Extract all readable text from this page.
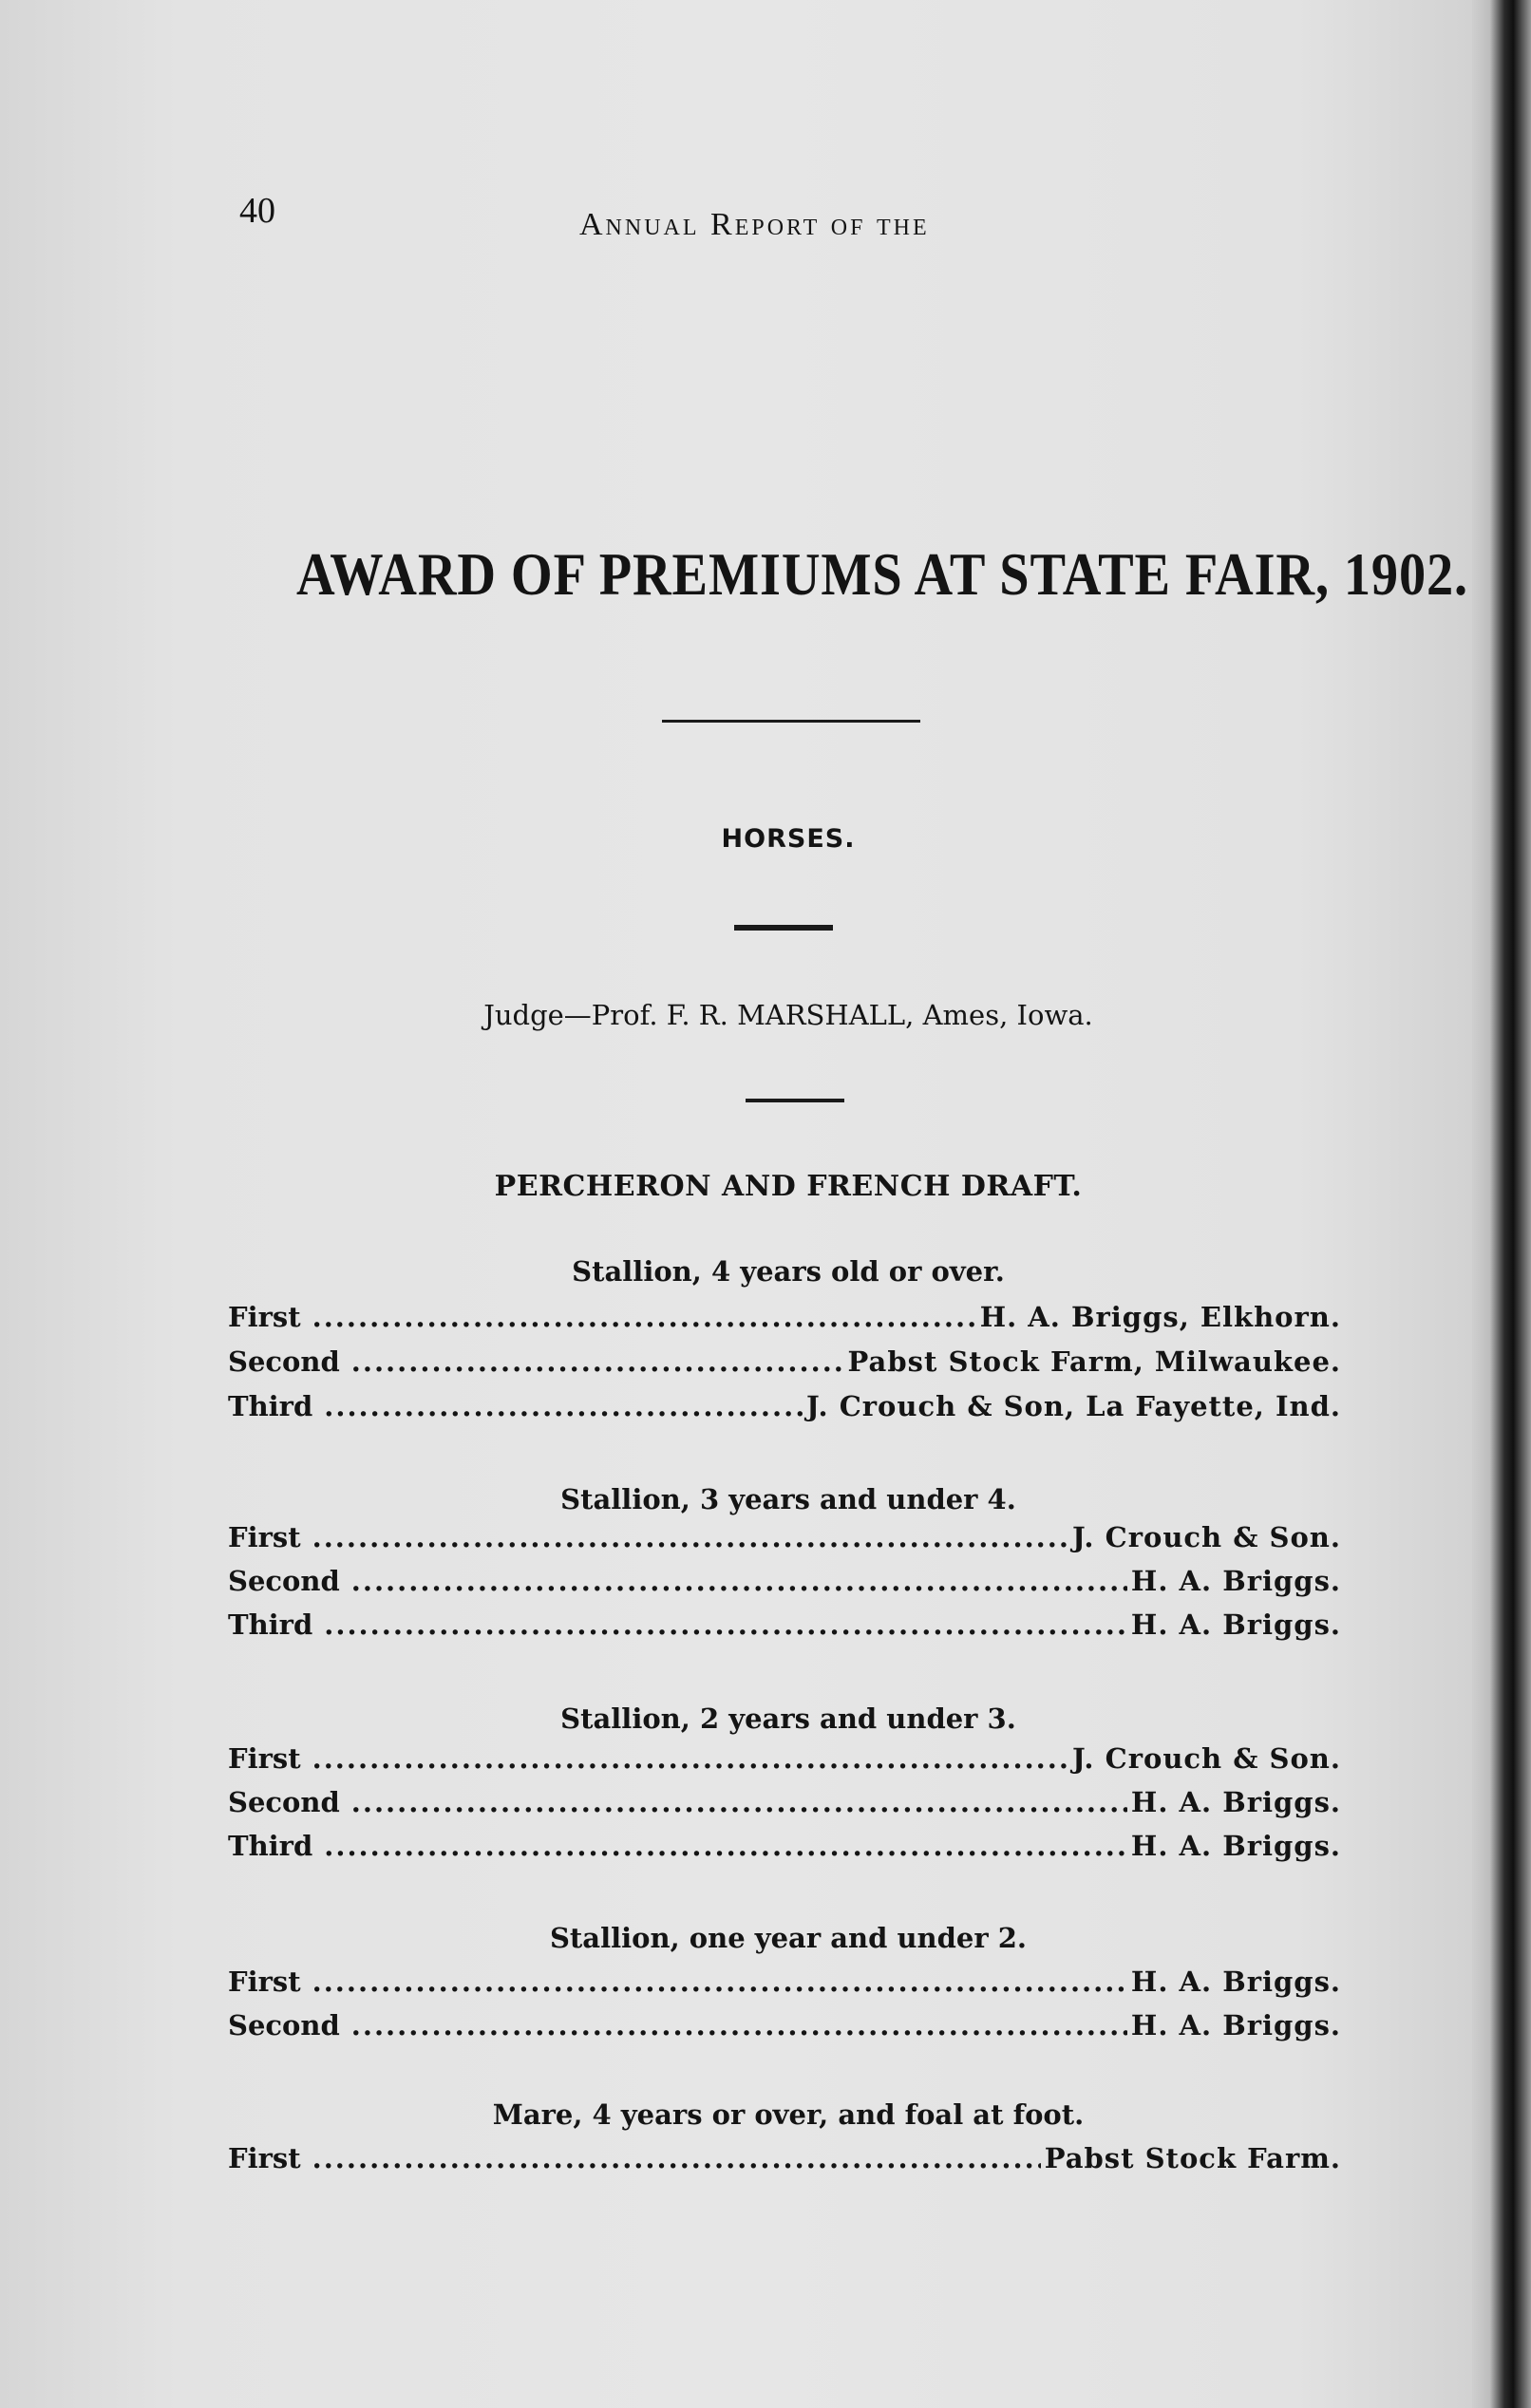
40	Annual Report of the
AWARD OF PREMIUMS AT STATE FAIR, 1902.
HORSES.
Judge—Prof. F. R. MARSHALL, Ames, Iowa.
PERCHERON AND FRENCH DRAFT.
Stallion, 4 years old or over.
First .....	H. A. Briggs, Elkhorn.
Second .....	Pabst Stock Farm, Milwaukee.
Third .....	J. Crouch & Son, La Fayette, Ind.
Stallion, 3 years and under 4.
First .....	J. Crouch & Son.
Second .....	H. A. Briggs.
Third .....	H. A. Briggs.
Stallion, 2 years and under 3.
First .....	J. Crouch & Son.
Second .....	H. A. Briggs.
Third .....	H. A. Briggs.
Stallion, one year and under 2.
First .....	H. A. Briggs.
Second .....	H. A. Briggs.
Mare, 4 years or over, and foal at foot.
First .....	Pabst Stock Farm.
